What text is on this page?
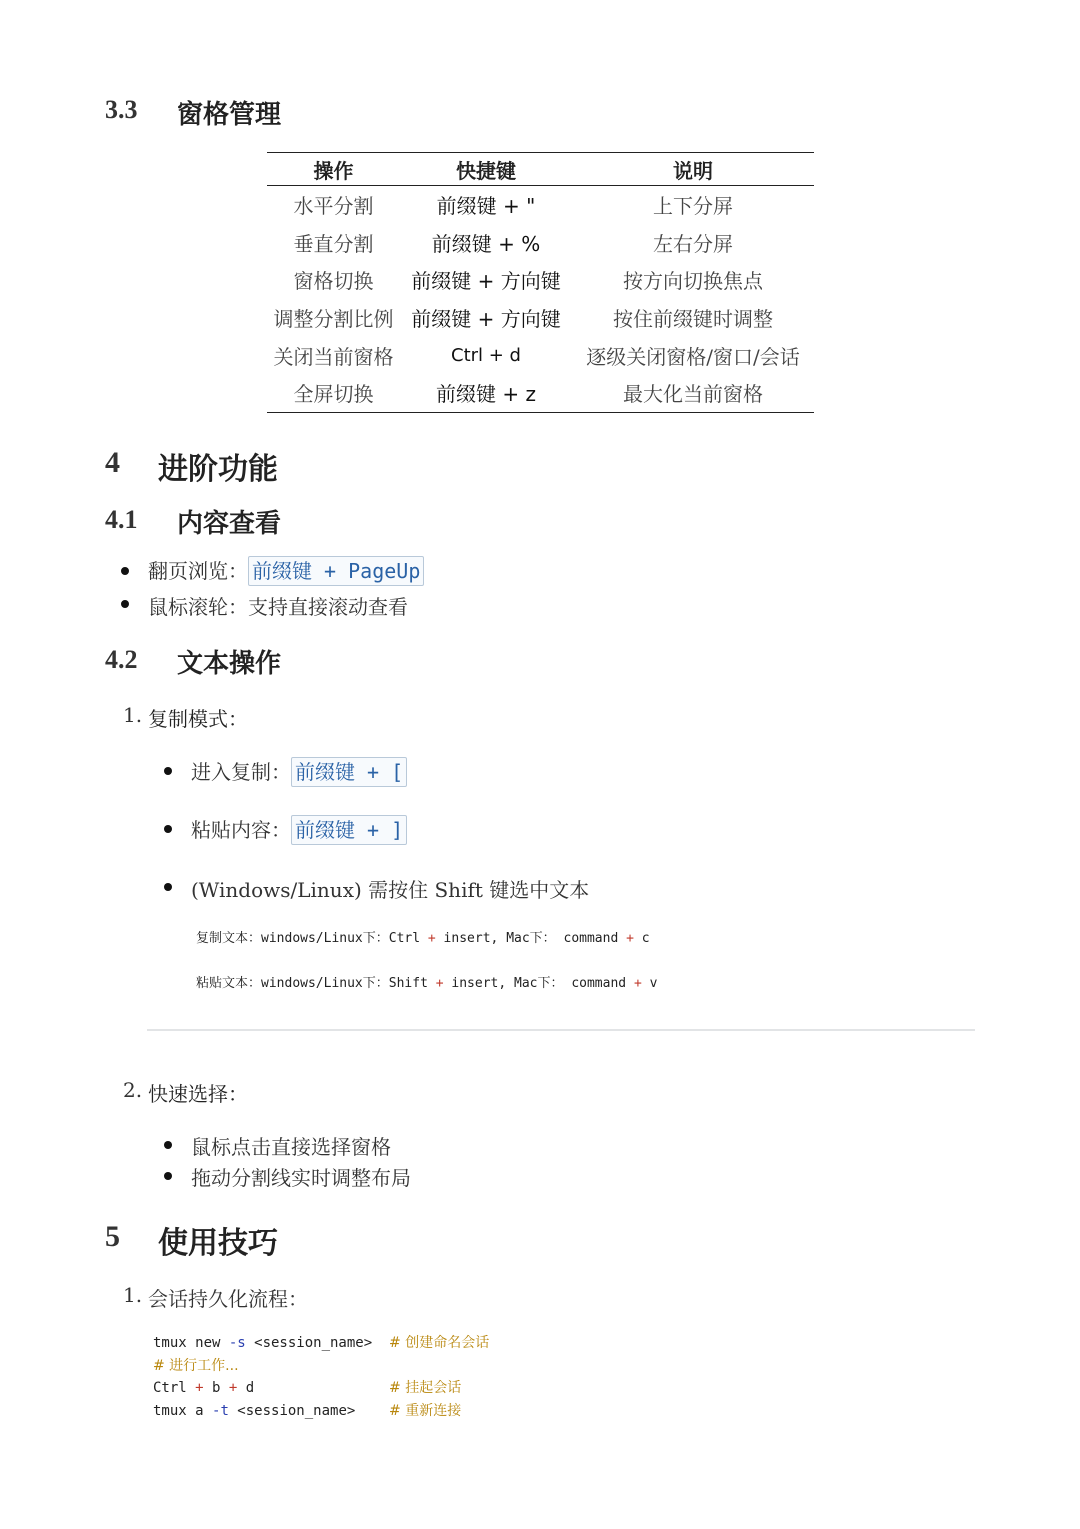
3.3 窗格管理
操作	快捷键	说明
水平分割	前缀键 + "	上下分屏
垂直分割	前缀键 + %	左右分屏
窗格切换	前缀键 + 方向键	按方向切换焦点
调整分割比例	前缀键 + 方向键	按住前缀键时调整
关闭当前窗格	Ctrl + d	逐级关闭窗格/窗口/会话
全屏切换	前缀键 + z	最大化当前窗格
4 进阶功能
4.1 内容查看
翻页浏览： 前缀键 + PageUp
鼠标滚轮：支持直接滚动查看
4.2 文本操作
1. 复制模式：
进入复制： 前缀键 + [
粘贴内容： 前缀键 + ]
(Windows/Linux) 需按住 Shift 键选中文本
复制文本：windows/Linux下：Ctrl + insert, Mac下： command + c
粘贴文本：windows/Linux下：Shift + insert, Mac下： command + v
2. 快速选择：
鼠标点击直接选择窗格
拖动分割线实时调整布局
5 使用技巧
1. 会话持久化流程：
tmux new -s <session_name>  # 创建命名会话
# 进行工作...
Ctrl + b + d                # 挂起会话
tmux a -t <session_name>    # 重新连接
